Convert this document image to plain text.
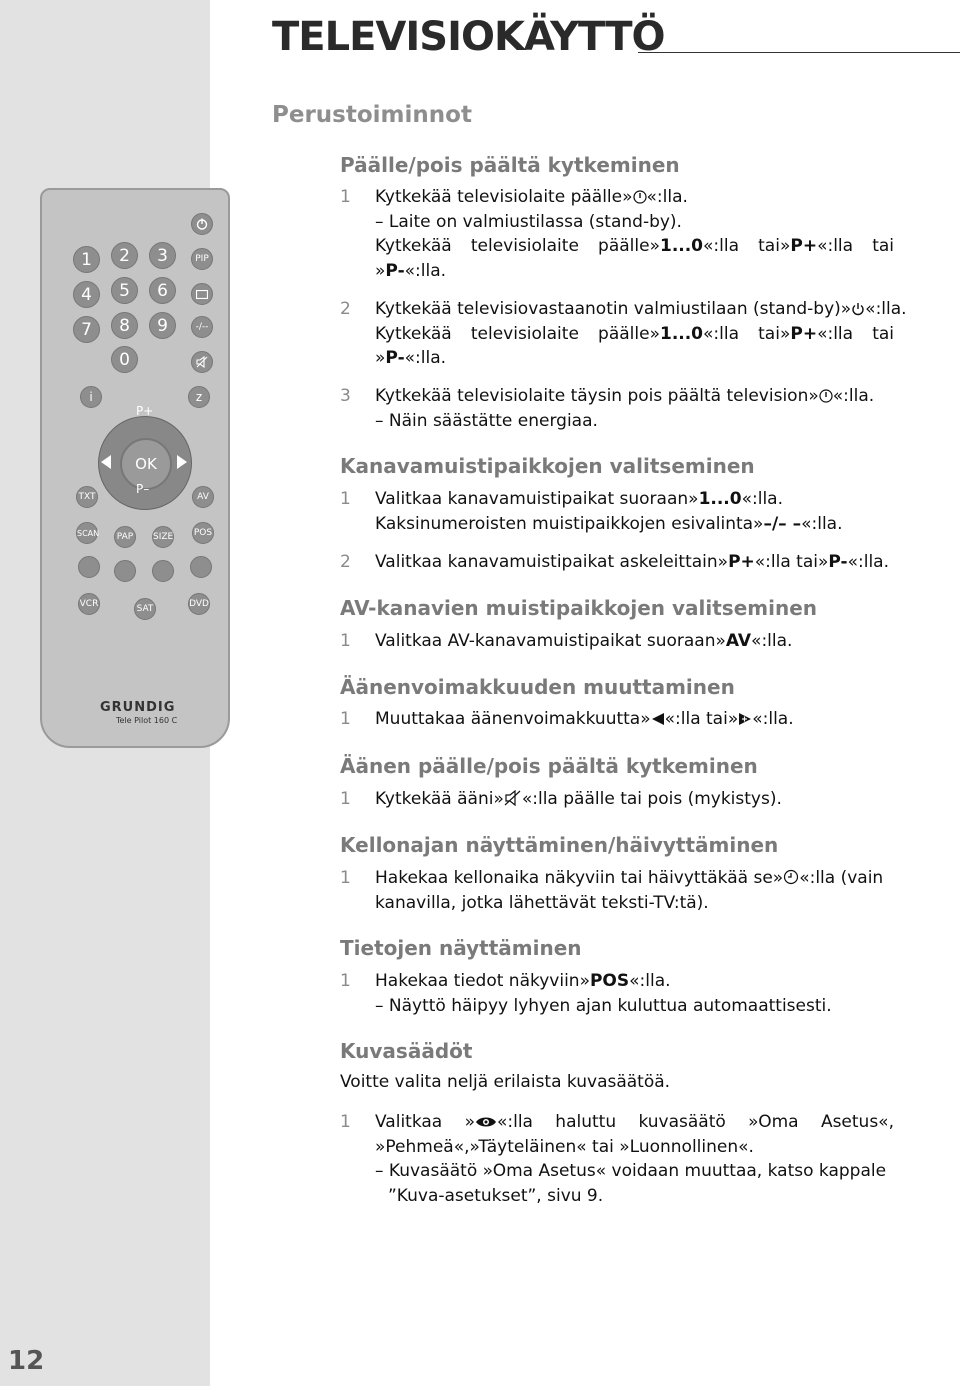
12
TELEVISIOKÄYTTÖ
Perustoiminnot
1	2	3	PIP
4	5	6
7	8	9	-/--
0
i	z
P+
OK
P–
TXT	AV
SCAN	PAP	SIZE POS
VCR	SAT	DVD
GRUNDIG
Tele Pilot 160 C
Päälle/pois päältä kytkeminen
1 Kytkekää televisiolaite päälle» «:lla.
– Laite on valmiustilassa (stand-by).
Kytkekää televisiolaite päälle»1...0«:lla tai»P+«:lla tai
»P-«:lla.
2 Kytkekää televisiovastaanotin valmiustilaan (stand-by)» «:lla.
Kytkekää televisiolaite päälle»1...0«:lla tai»P+«:lla tai
»P-«:lla.
3 Kytkekää televisiolaite täysin pois päältä television» «:lla.
– Näin säästätte energiaa.
Kanavamuistipaikkojen valitseminen
1 Valitkaa kanavamuistipaikat suoraan»1...0«:lla.
Kaksinumeroisten muistipaikkojen esivalinta»–/– –«:lla.
2 Valitkaa kanavamuistipaikat askeleittain»P+«:lla tai»P-«:lla.
AV-kanavien muistipaikkojen valitseminen
1 Valitkaa AV-kanavamuistipaikat suoraan»AV«:lla.
Äänenvoimakkuuden muuttaminen
1 Muuttakaa äänenvoimakkuutta» «:lla tai» «:lla.
Äänen päälle/pois päältä kytkeminen
1 Kytkekää ääni» «:lla päälle tai pois (mykistys).
Kellonajan näyttäminen/häivyttäminen
1 Hakekaa kellonaika näkyviin tai häivyttäkää se» «:lla (vain
kanavilla, jotka lähettävät teksti-TV:tä).
Tietojen näyttäminen
1 Hakekaa tiedot näkyviin»POS«:lla.
– Näyttö häipyy lyhyen ajan kuluttua automaattisesti.
Kuvasäädöt
Voitte valita neljä erilaista kuvasäätöä.
1 Valitkaa » «:lla haluttu kuvasäätö »Oma Asetus«,
»Pehmeä«,»Täyteläinen« tai »Luonnollinen«.
– Kuvasäätö »Oma Asetus« voidaan muuttaa, katso kappale
”Kuva-asetukset”, sivu 9.
